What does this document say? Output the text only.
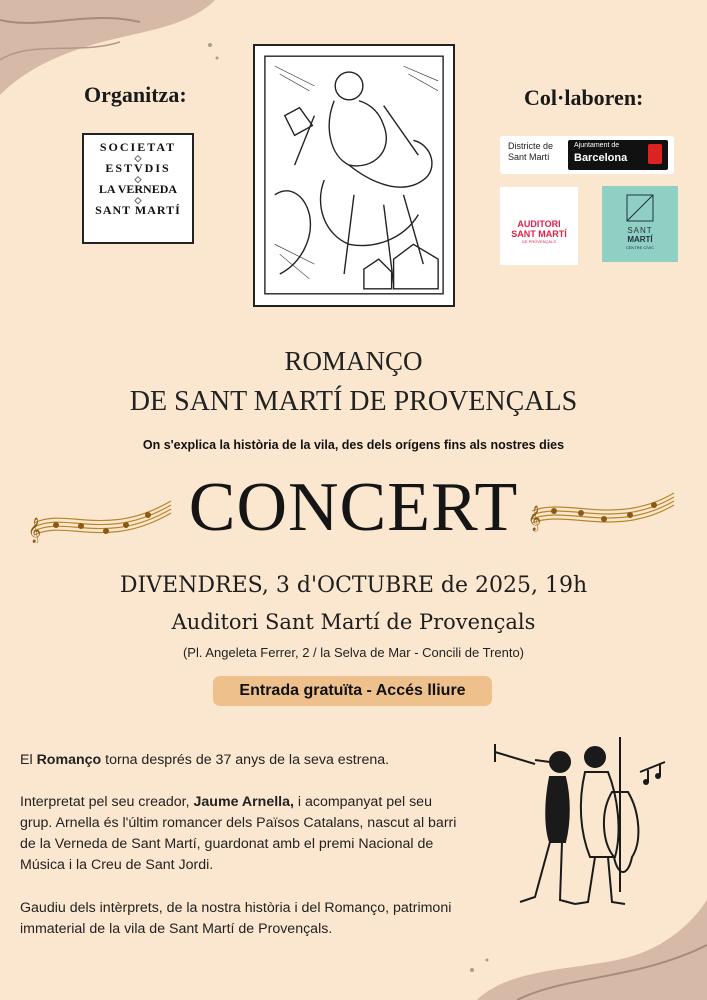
Organitza:	Col·laboren:
SOCIETAT
◇
ESTVDIS
◇
LA VERNEDA
◇
SANT MARTÍ
Districte de
Sant Martí
Ajuntament de
Barcelona
AUDITORI
SANT MARTÍ
DE PROVENÇALS
SANT
MARTÍ
CENTRE CÍVIC
ROMANÇO
DE SANT MARTÍ DE PROVENÇALS
On s'explica la història de la vila, des dels orígens fins als nostres dies
𝄞	CONCERT 𝄞
DIVENDRES, 3 d'OCTUBRE de 2025, 19h
Auditori Sant Martí de Provençals
(Pl. Angeleta Ferrer, 2 / la Selva de Mar - Concili de Trento)
Entrada gratuïta - Accés lliure
El Romanço torna després de 37 anys de la seva estrena.
Interpretat pel seu creador, Jaume Arnella, i acompanyat pel seu grup. Arnella és l'últim romancer dels Països Catalans, nascut al barri de la Verneda de Sant Martí, guardonat amb el premi Nacional de Música i la Creu de Sant Jordi.
Gaudiu dels intèrprets, de la nostra història i del Romanço, patrimoni immaterial de la vila de Sant Martí de Provençals.
